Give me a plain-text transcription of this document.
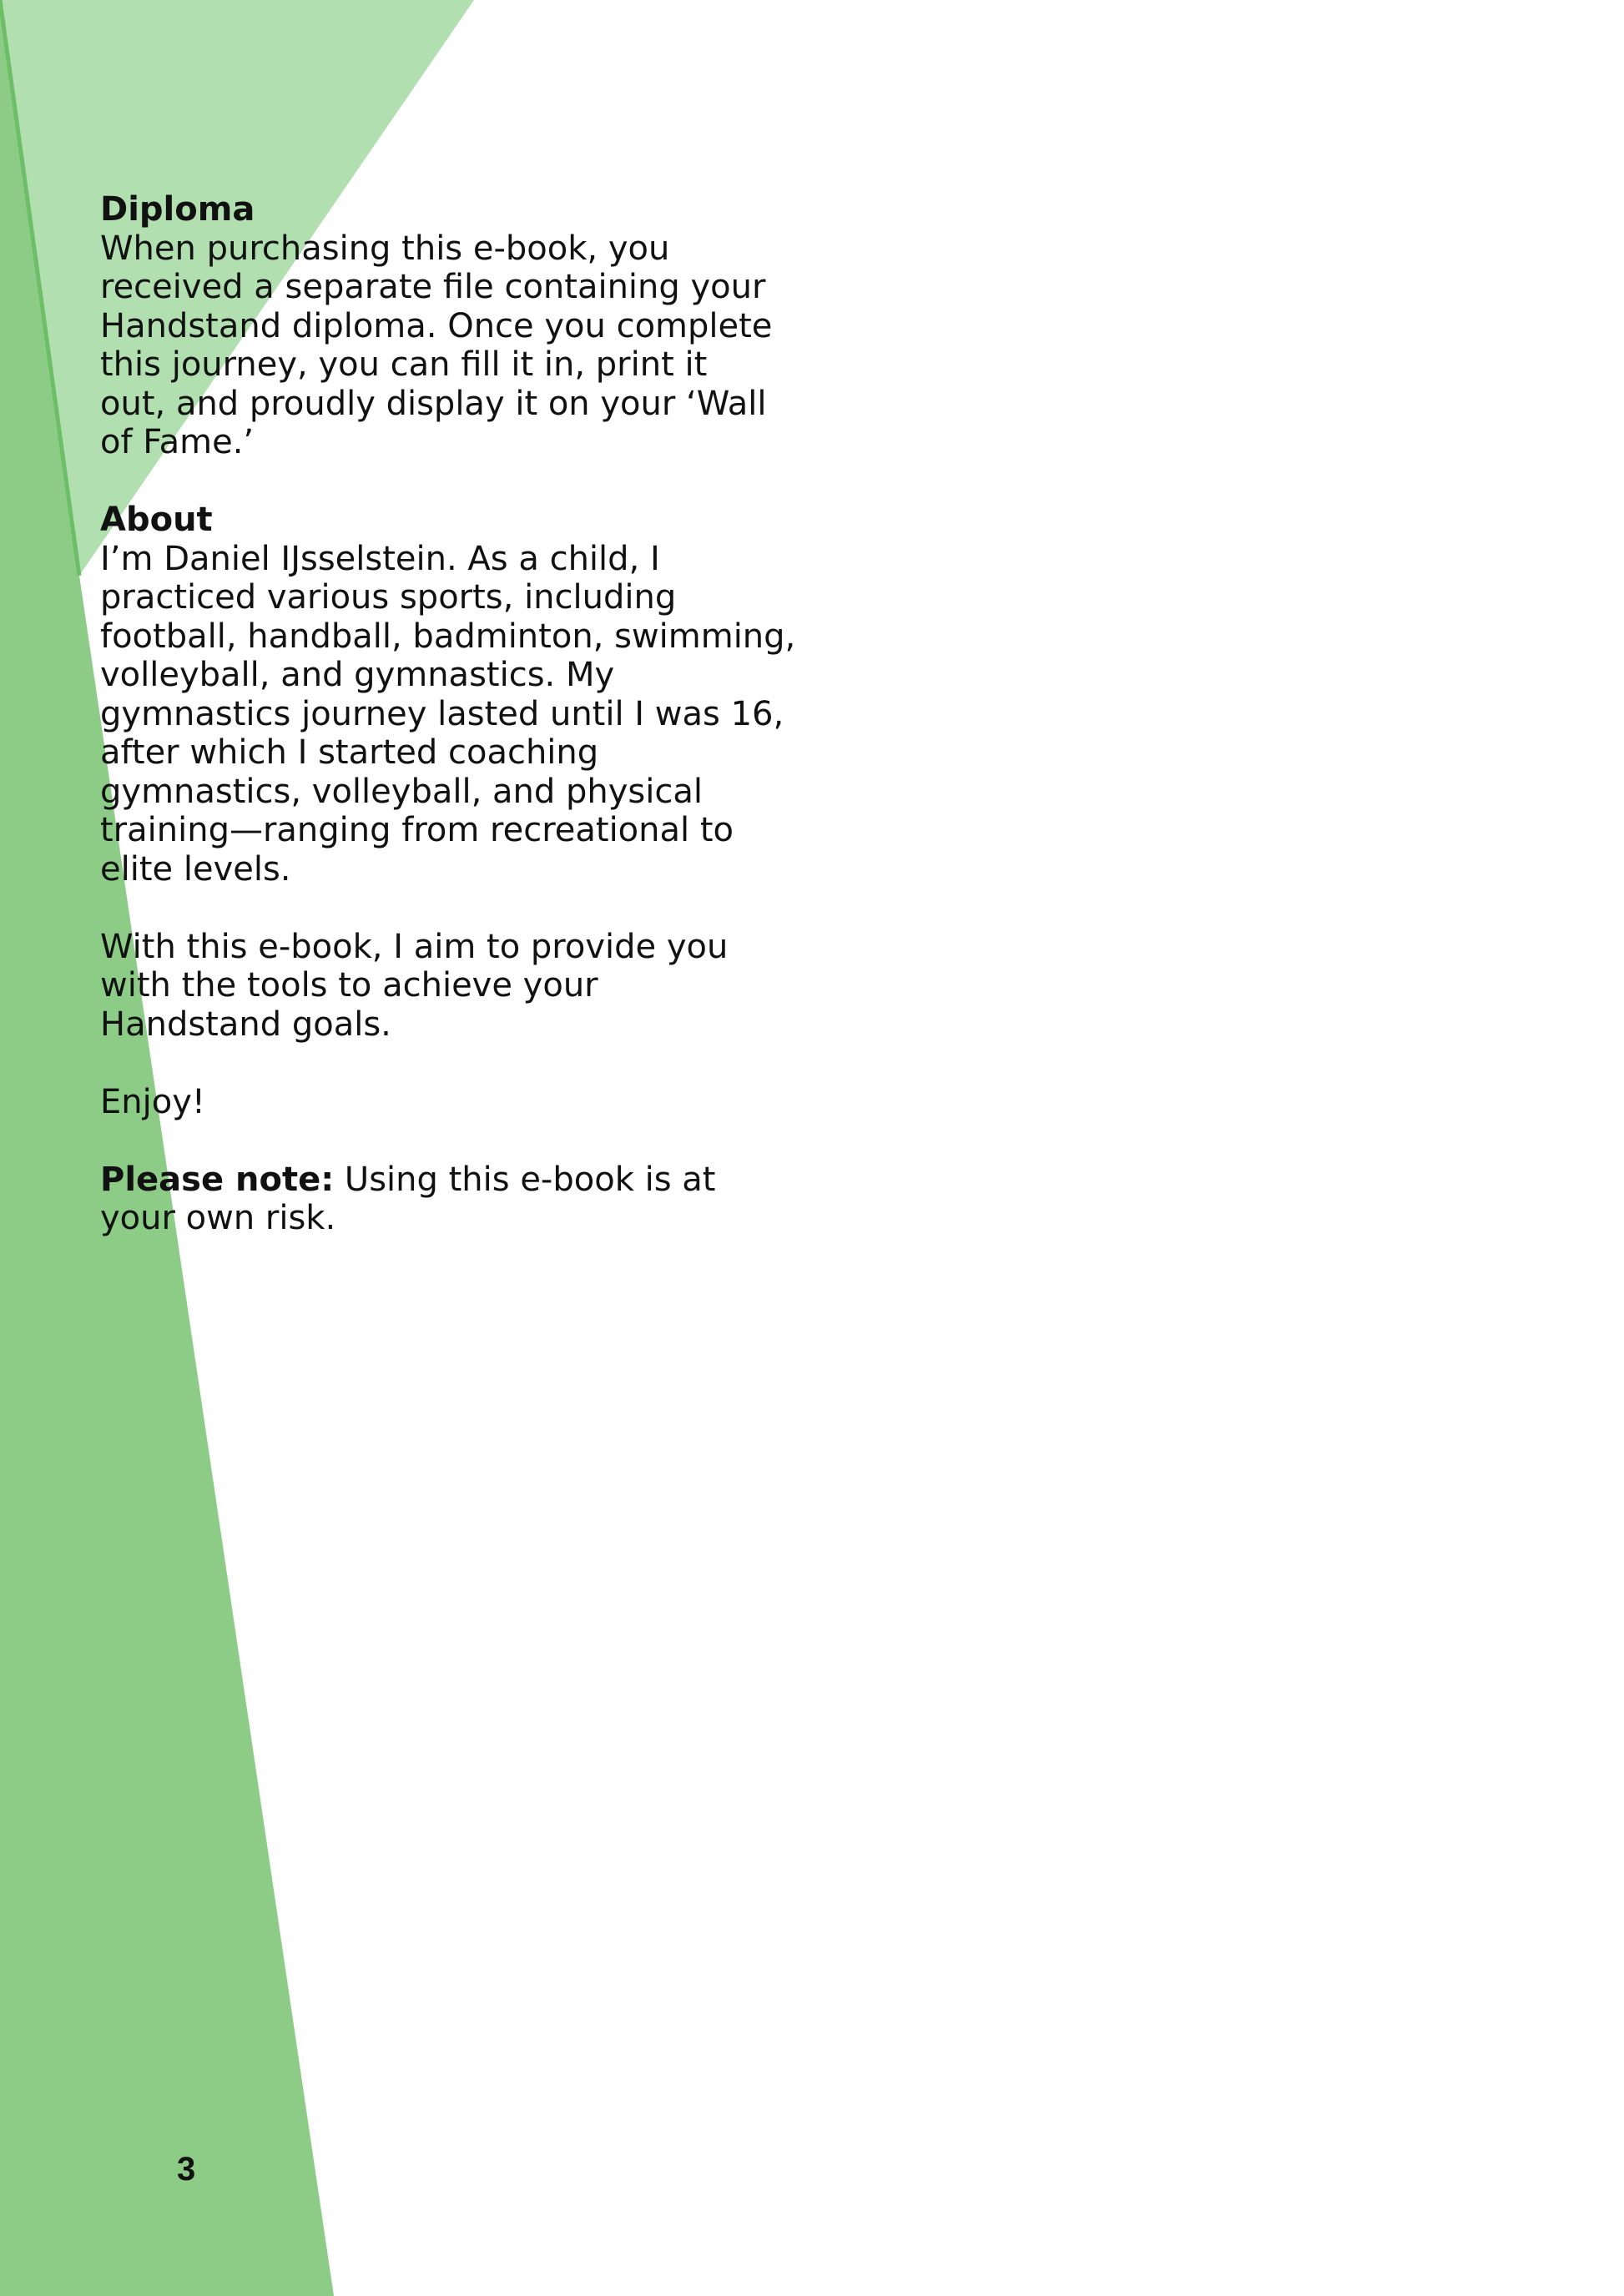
Diploma

When purchasing this e-book, you
received a separate file containing your
Handstand diploma. Once you complete
this journey, you can fill it in, print it
out, and proudly display it on your ‘Wall
of Fame.’

About

I’m Daniel IJsselstein. As a child, I
practiced various sports, including
football, handball, badminton, swimming,
volleyball, and gymnastics. My
gymnastics journey lasted until I was 16,
after which I started coaching
gymnastics, volleyball, and physical
training—ranging from recreational to
elite levels.

With this e-book, I aim to provide you
with the tools to achieve your
Handstand goals.

Enjoy!

Please note: Using this e-book is at
your own risk.

3
